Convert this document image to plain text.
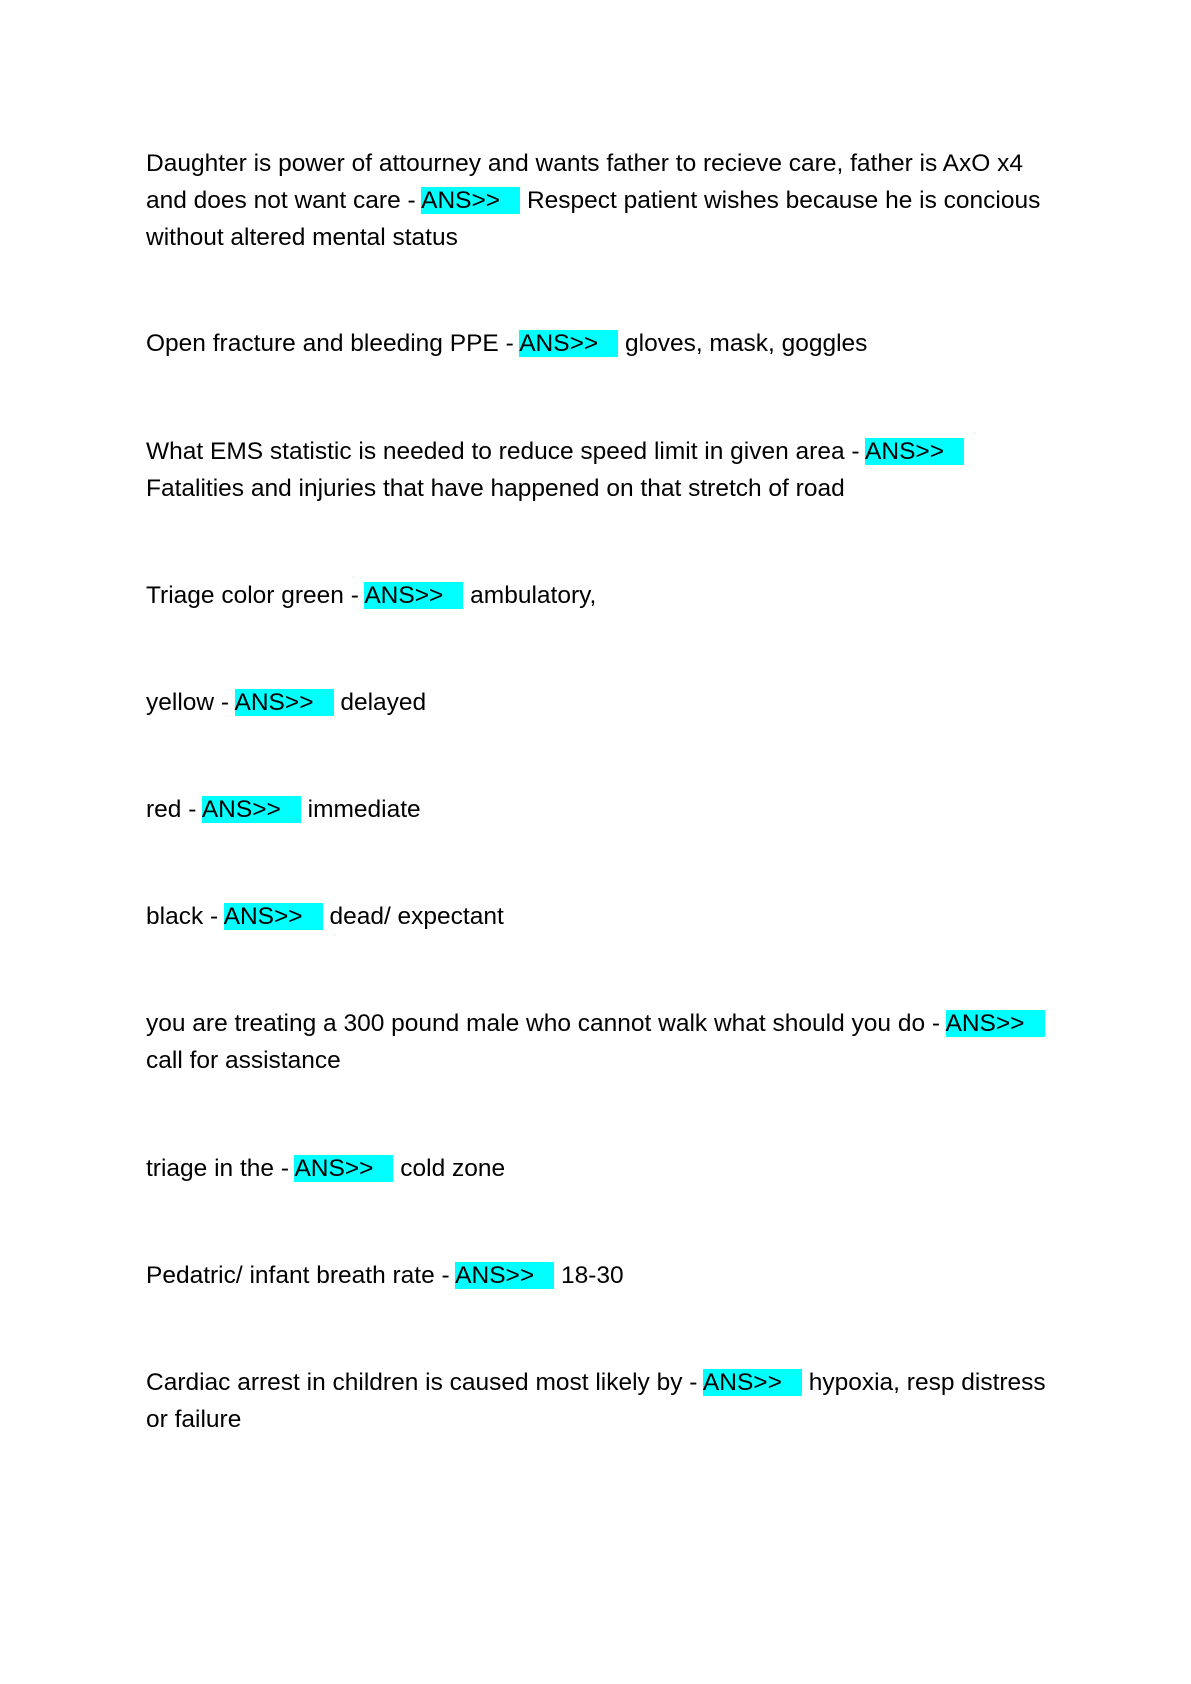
Daughter is power of attourney and wants father to recieve care, father is AxO x4 and does not want care - ANS>> Respect patient wishes because he is concious without altered mental status

Open fracture and bleeding PPE - ANS>> gloves, mask, goggles

What EMS statistic is needed to reduce speed limit in given area - ANS>> Fatalities and injuries that have happened on that stretch of road

Triage color green - ANS>> ambulatory,

yellow - ANS>> delayed

red - ANS>> immediate

black - ANS>> dead/ expectant

you are treating a 300 pound male who cannot walk what should you do - ANS>> call for assistance

triage in the - ANS>> cold zone

Pedatric/ infant breath rate - ANS>> 18-30

Cardiac arrest in children is caused most likely by - ANS>> hypoxia, resp distress or failure
